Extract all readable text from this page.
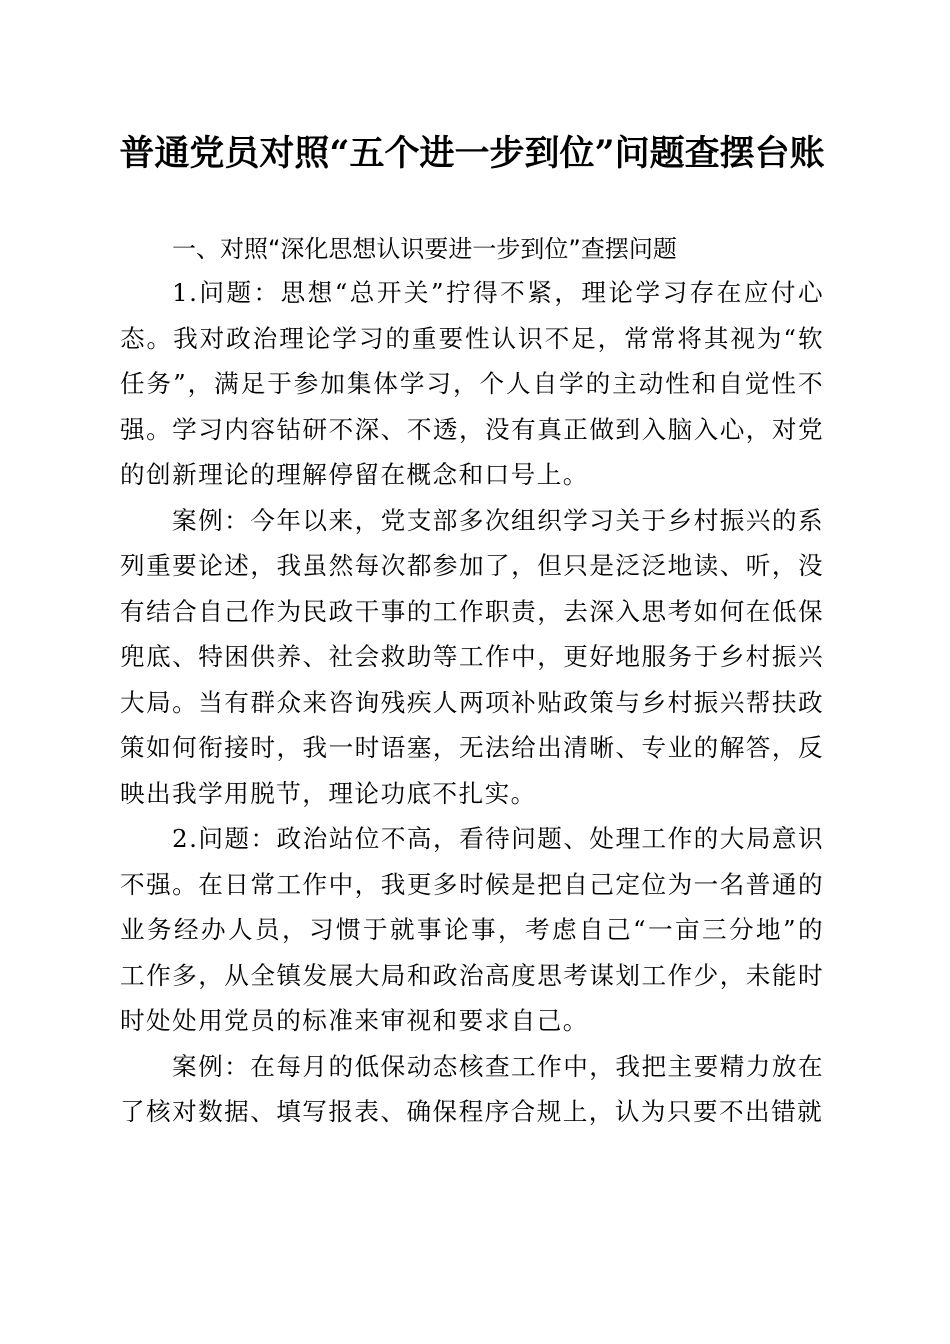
普通党员对照“五个进一步到位”问题查摆台账
一、对照“深化思想认识要进一步到位”查摆问题

1.问题：思想“总开关”拧得不紧，理论学习存在应付心态。我对政治理论学习的重要性认识不足，常常将其视为“软任务”，满足于参加集体学习，个人自学的主动性和自觉性不强。学习内容钻研不深、不透，没有真正做到入脑入心，对党的创新理论的理解停留在概念和口号上。

案例：今年以来，党支部多次组织学习关于乡村振兴的系列重要论述，我虽然每次都参加了，但只是泛泛地读、听，没有结合自己作为民政干事的工作职责，去深入思考如何在低保兜底、特困供养、社会救助等工作中，更好地服务于乡村振兴大局。当有群众来咨询残疾人两项补贴政策与乡村振兴帮扶政策如何衔接时，我一时语塞，无法给出清晰、专业的解答，反映出我学用脱节，理论功底不扎实。

2.问题：政治站位不高，看待问题、处理工作的大局意识不强。在日常工作中，我更多时候是把自己定位为一名普通的业务经办人员，习惯于就事论事，考虑自己“一亩三分地”的工作多，从全镇发展大局和政治高度思考谋划工作少，未能时时处处用党员的标准来审视和要求自己。

案例：在每月的低保动态核查工作中，我把主要精力放在了核对数据、填写报表、确保程序合规上，认为只要不出错就
